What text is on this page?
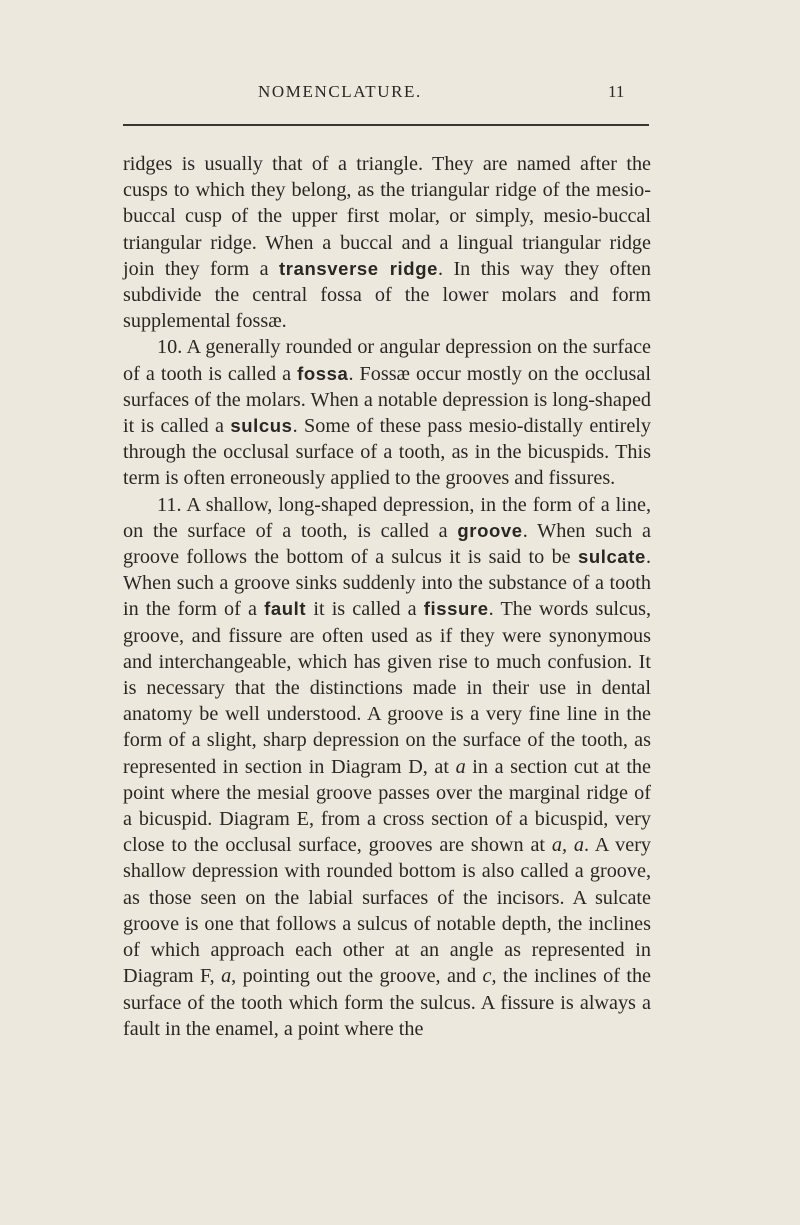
NOMENCLATURE.	11

ridges is usually that of a triangle. They are named after the cusps to which they belong, as the triangular ridge of the mesio-buccal cusp of the upper first molar, or simply, mesio-buccal triangular ridge. When a buccal and a lingual triangular ridge join they form a transverse ridge. In this way they often subdivide the central fossa of the lower molars and form supplemental fossæ.

10. A generally rounded or angular depression on the surface of a tooth is called a fossa. Fossæ occur mostly on the occlusal surfaces of the molars. When a notable depression is long-shaped it is called a sulcus. Some of these pass mesio-distally entirely through the occlusal surface of a tooth, as in the bicuspids. This term is often erroneously applied to the grooves and fissures.

11. A shallow, long-shaped depression, in the form of a line, on the surface of a tooth, is called a groove. When such a groove follows the bottom of a sulcus it is said to be sulcate. When such a groove sinks suddenly into the substance of a tooth in the form of a fault it is called a fissure. The words sulcus, groove, and fissure are often used as if they were synonymous and interchangeable, which has given rise to much confusion. It is necessary that the distinctions made in their use in dental anatomy be well understood. A groove is a very fine line in the form of a slight, sharp depression on the surface of the tooth, as represented in section in Diagram D, at a in a section cut at the point where the mesial groove passes over the marginal ridge of a bicuspid. Diagram E, from a cross section of a bicuspid, very close to the occlusal surface, grooves are shown at a, a. A very shallow depression with rounded bottom is also called a groove, as those seen on the labial surfaces of the incisors. A sulcate groove is one that follows a sulcus of notable depth, the inclines of which approach each other at an angle as represented in Diagram F, a, pointing out the groove, and c, the inclines of the surface of the tooth which form the sulcus. A fissure is always a fault in the enamel, a point where the
